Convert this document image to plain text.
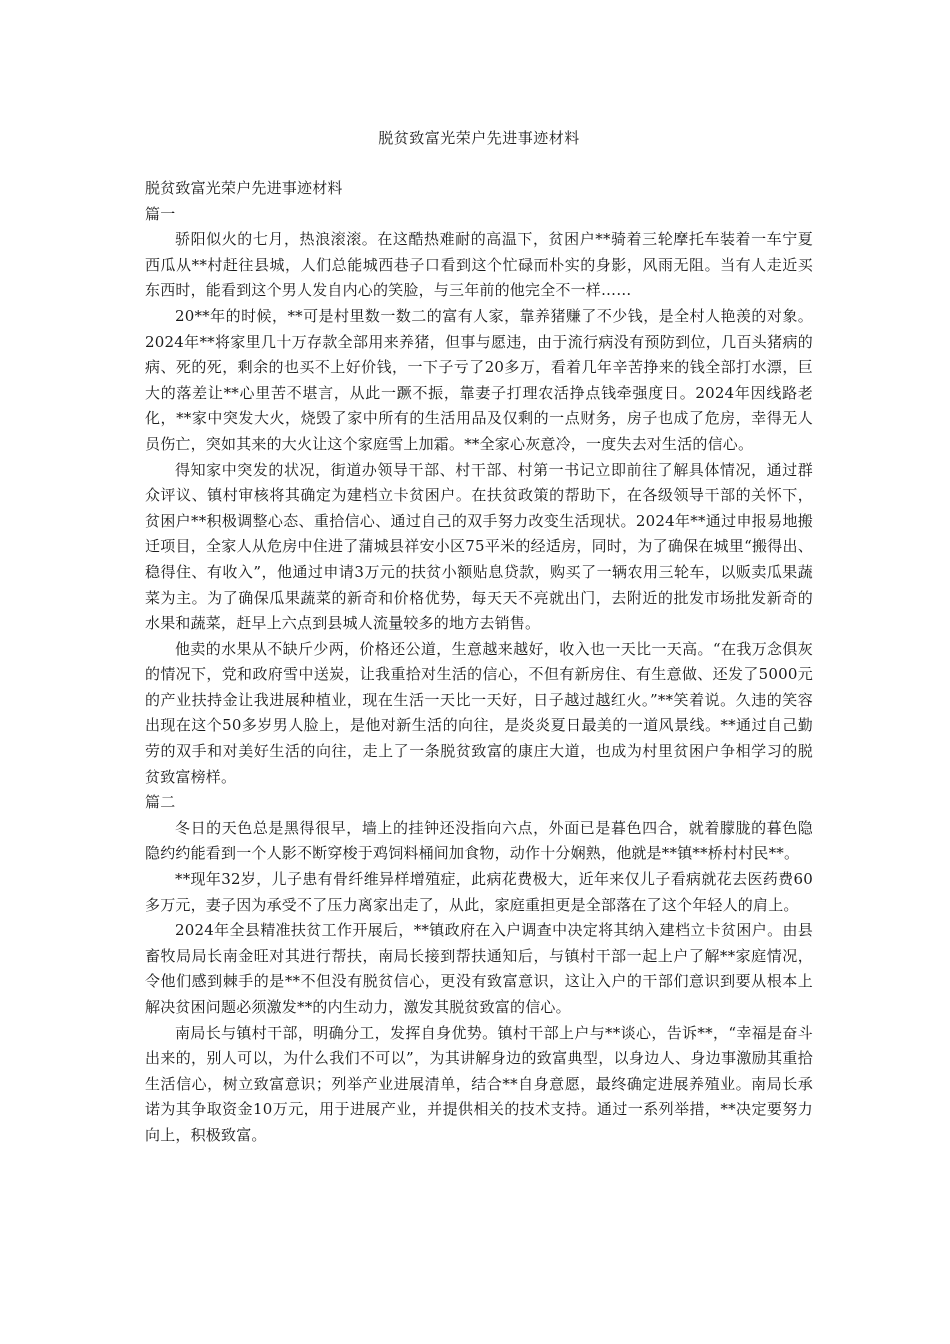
脱贫致富光荣户先进事迹材料

脱贫致富光荣户先进事迹材料

篇一

骄阳似火的七月，热浪滚滚。在这酷热难耐的高温下，贫困户**骑着三轮摩托车装着一车宁夏西瓜从**村赶往县城，人们总能城西巷子口看到这个忙碌而朴实的身影，风雨无阻。当有人走近买东西时，能看到这个男人发自内心的笑脸，与三年前的他完全不一样……

20**年的时候，**可是村里数一数二的富有人家，靠养猪赚了不少钱，是全村人艳羡的对象。2024年**将家里几十万存款全部用来养猪，但事与愿违，由于流行病没有预防到位，几百头猪病的病、死的死，剩余的也买不上好价钱，一下子亏了20多万，看着几年辛苦挣来的钱全部打水漂，巨大的落差让**心里苦不堪言，从此一蹶不振，靠妻子打理农活挣点钱牵强度日。2024年因线路老化，**家中突发大火，烧毁了家中所有的生活用品及仅剩的一点财务，房子也成了危房，幸得无人员伤亡，突如其来的大火让这个家庭雪上加霜。**全家心灰意冷，一度失去对生活的信心。

得知家中突发的状况，街道办领导干部、村干部、村第一书记立即前往了解具体情况，通过群众评议、镇村审核将其确定为建档立卡贫困户。在扶贫政策的帮助下，在各级领导干部的关怀下，贫困户**积极调整心态、重拾信心、通过自己的双手努力改变生活现状。2024年**通过申报易地搬迁项目，全家人从危房中住进了蒲城县祥安小区75平米的经适房，同时，为了确保在城里“搬得出、稳得住、有收入”，他通过申请3万元的扶贫小额贴息贷款，购买了一辆农用三轮车，以贩卖瓜果蔬菜为主。为了确保瓜果蔬菜的新奇和价格优势，每天天不亮就出门，去附近的批发市场批发新奇的水果和蔬菜，赶早上六点到县城人流量较多的地方去销售。

他卖的水果从不缺斤少两，价格还公道，生意越来越好，收入也一天比一天高。“在我万念俱灰的情况下，党和政府雪中送炭，让我重拾对生活的信心，不但有新房住、有生意做、还发了5000元的产业扶持金让我进展种植业，现在生活一天比一天好，日子越过越红火。”**笑着说。久违的笑容出现在这个50多岁男人脸上，是他对新生活的向往，是炎炎夏日最美的一道风景线。**通过自己勤劳的双手和对美好生活的向往，走上了一条脱贫致富的康庄大道，也成为村里贫困户争相学习的脱贫致富榜样。

篇二

冬日的天色总是黑得很早，墙上的挂钟还没指向六点，外面已是暮色四合，就着朦胧的暮色隐隐约约能看到一个人影不断穿梭于鸡饲料桶间加食物，动作十分娴熟，他就是**镇**桥村村民**。

**现年32岁，儿子患有骨纤维异样增殖症，此病花费极大，近年来仅儿子看病就花去医药费60多万元，妻子因为承受不了压力离家出走了，从此，家庭重担更是全部落在了这个年轻人的肩上。

2024年全县精准扶贫工作开展后，**镇政府在入户调查中决定将其纳入建档立卡贫困户。由县畜牧局局长南金旺对其进行帮扶，南局长接到帮扶通知后，与镇村干部一起上户了解**家庭情况，令他们感到棘手的是**不但没有脱贫信心，更没有致富意识，这让入户的干部们意识到要从根本上解决贫困问题必须激发**的内生动力，激发其脱贫致富的信心。

南局长与镇村干部，明确分工，发挥自身优势。镇村干部上户与**谈心，告诉**，“幸福是奋斗出来的，别人可以，为什么我们不可以”，为其讲解身边的致富典型，以身边人、身边事激励其重拾生活信心，树立致富意识；列举产业进展清单，结合**自身意愿，最终确定进展养殖业。南局长承诺为其争取资金10万元，用于进展产业，并提供相关的技术支持。通过一系列举措，**决定要努力向上，积极致富。
